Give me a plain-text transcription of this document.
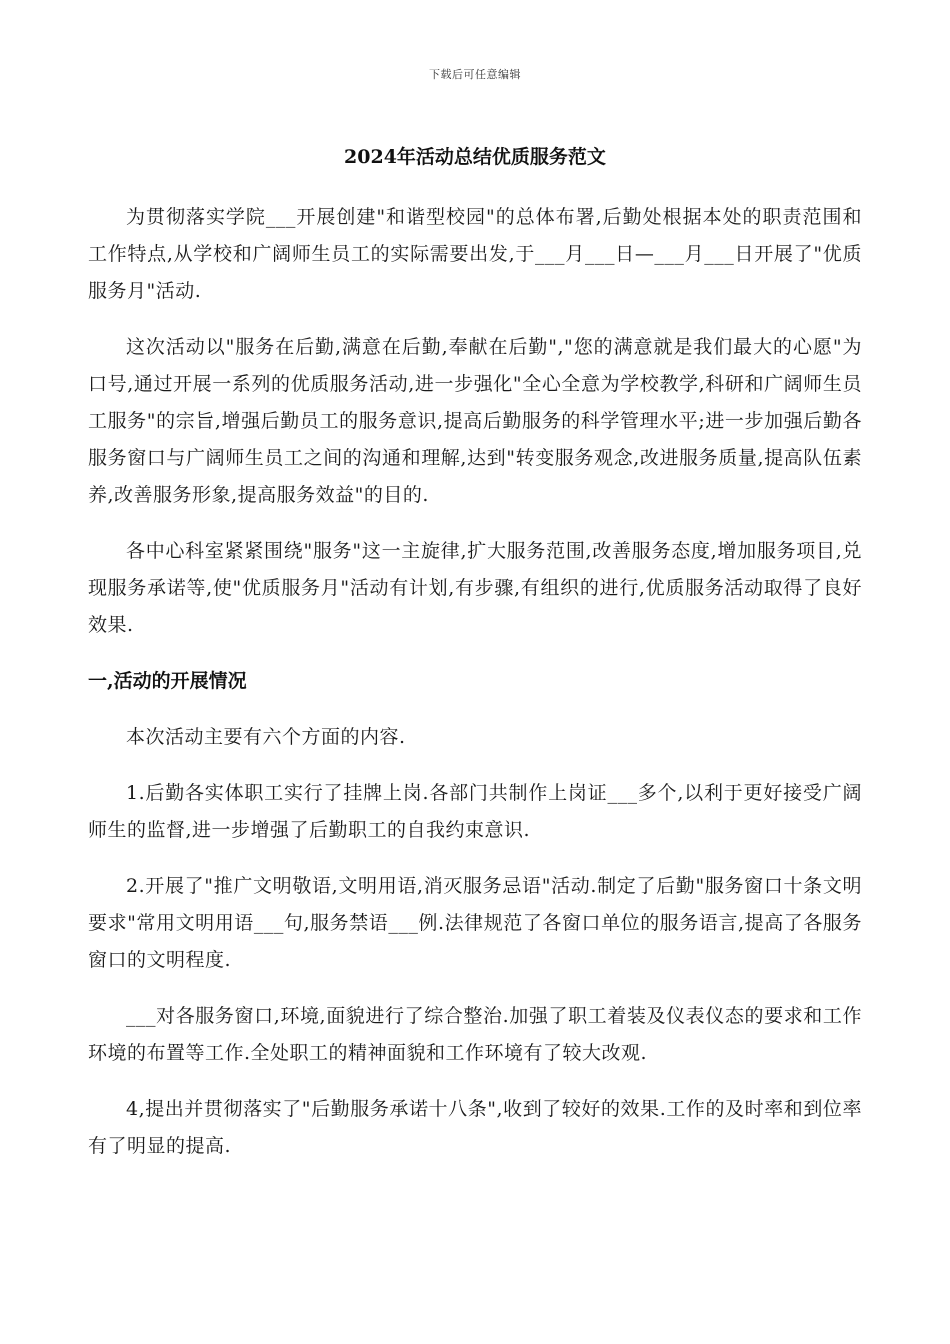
下载后可任意编辑
2024年活动总结优质服务范文

为贯彻落实学院___开展创建"和谐型校园"的总体布署,后勤处根据本处的职责范围和工作特点,从学校和广阔师生员工的实际需要出发,于___月___日—___月___日开展了"优质服务月"活动.

这次活动以"服务在后勤,满意在后勤,奉献在后勤","您的满意就是我们最大的心愿"为口号,通过开展一系列的优质服务活动,进一步强化"全心全意为学校教学,科研和广阔师生员工服务"的宗旨,增强后勤员工的服务意识,提高后勤服务的科学管理水平;进一步加强后勤各服务窗口与广阔师生员工之间的沟通和理解,达到"转变服务观念,改进服务质量,提高队伍素养,改善服务形象,提高服务效益"的目的.

各中心科室紧紧围绕"服务"这一主旋律,扩大服务范围,改善服务态度,增加服务项目,兑现服务承诺等,使"优质服务月"活动有计划,有步骤,有组织的进行,优质服务活动取得了良好效果.

一,活动的开展情况

本次活动主要有六个方面的内容.

1.后勤各实体职工实行了挂牌上岗.各部门共制作上岗证___多个,以利于更好接受广阔师生的监督,进一步增强了后勤职工的自我约束意识.

2.开展了"推广文明敬语,文明用语,消灭服务忌语"活动.制定了后勤"服务窗口十条文明要求"常用文明用语___句,服务禁语___例.法律规范了各窗口单位的服务语言,提高了各服务窗口的文明程度.

___对各服务窗口,环境,面貌进行了综合整治.加强了职工着装及仪表仪态的要求和工作环境的布置等工作.全处职工的精神面貌和工作环境有了较大改观.

4,提出并贯彻落实了"后勤服务承诺十八条",收到了较好的效果.工作的及时率和到位率有了明显的提高.
